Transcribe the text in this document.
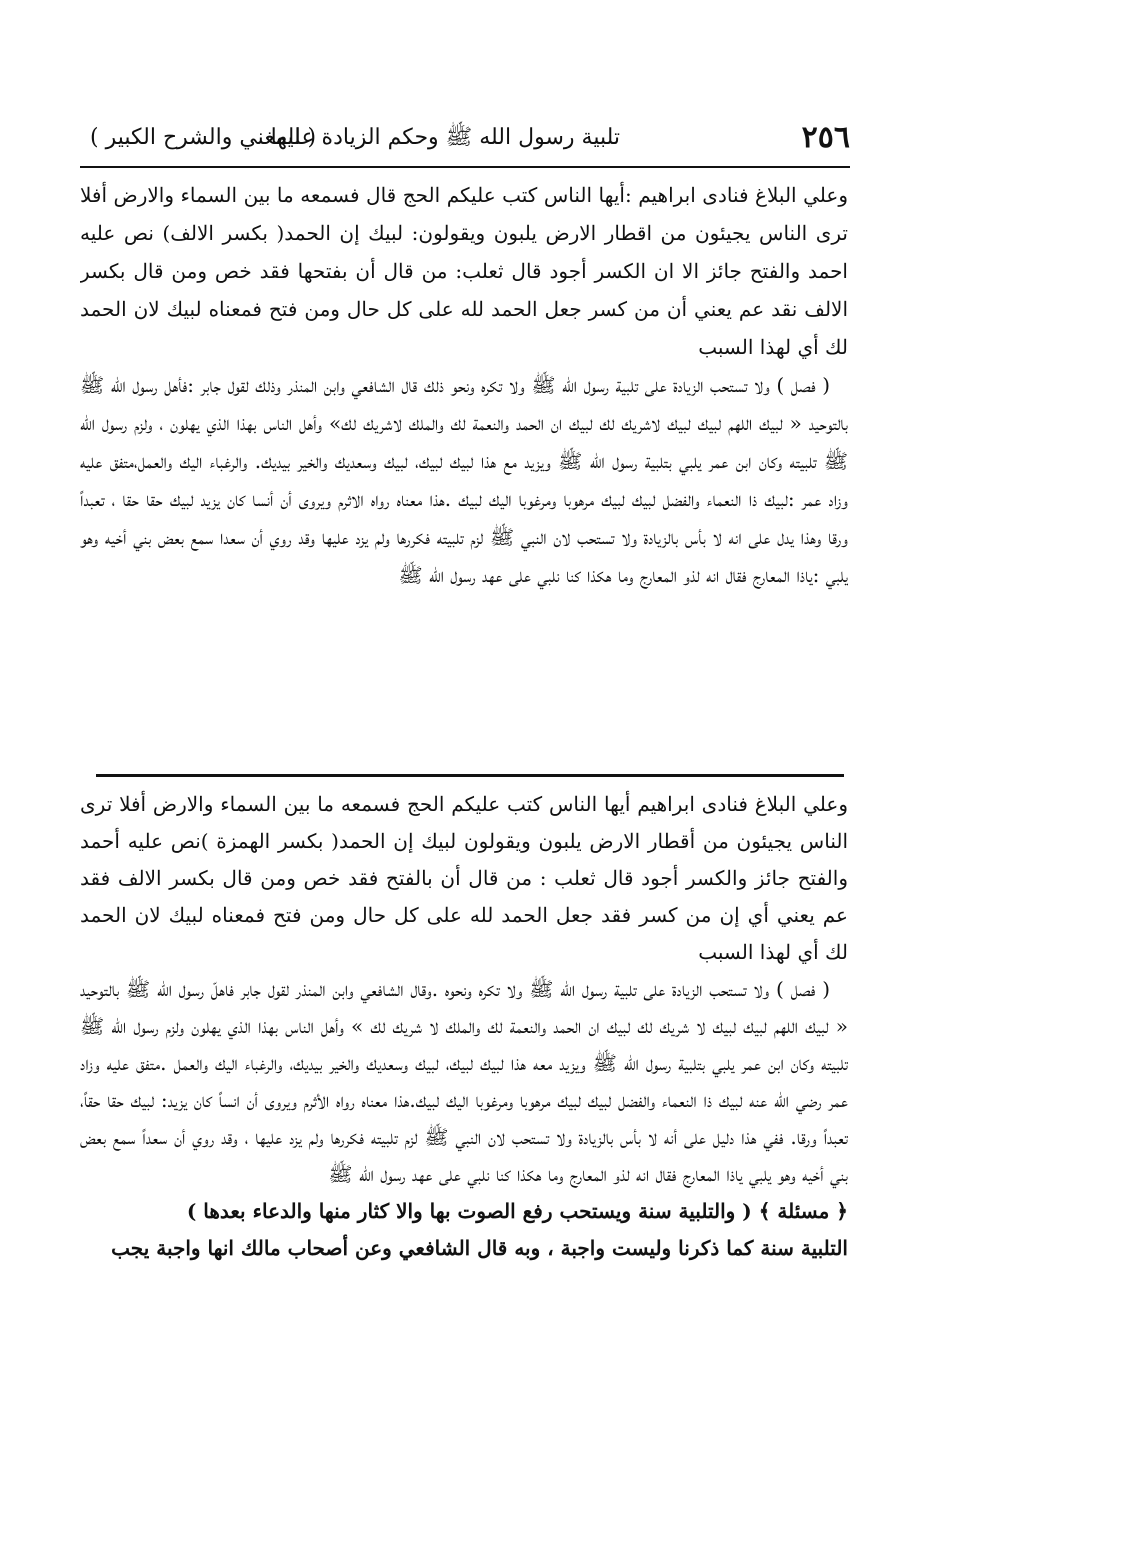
٢٥٦
تلبية رسول الله ﷺ وحكم الزيادة عليها
( المغني والشرح الكبير )

وعلي البلاغ فنادى ابراهيم :أيها الناس كتب عليكم الحج قال فسمعه ما بين السماء والارض أفلا ترى الناس يجيئون من اقطار الارض يلبون ويقولون: لبيك إن الحمد( بكسر الالف) نص عليه احمد والفتح جائز الا ان الكسر أجود قال ثعلب: من قال أن بفتحها فقد خص ومن قال بكسر الالف نقد عم يعني أن من كسر جعل الحمد لله على كل حال ومن فتح فمعناه لبيك لان الحمد لك أي لهذا السبب

( فصل ) ولا تستحب الزيادة على تلبية رسول الله ﷺ ولا تكره ونحو ذلك قال الشافعي وابن المنذر وذلك لقول جابر :فأهل رسول الله ﷺ بالتوحيد « لبيك اللهم لبيك لبيك لاشريك لك لبيك ان الحمد والنعمة لك والملك لاشريك لك» وأهل الناس بهذا الذي يهلون ، ولزم رسول الله ﷺ تلبيته وكان ابن عمر يلبي بتلبية رسول الله ﷺ ويزيد مع هذا لبيك لبيك، لبيك وسعديك والخير بيديك. والرغباء اليك والعمل،متفق عليه وزاد عمر :لبيك ذا النعماء والفضل لبيك لبيك مرهوبا ومرغوبا اليك لبيك .هذا معناه رواه الاثرم ويروى أن أنسا كان يزيد لبيك حقا حقا ، تعبداً ورقا وهذا يدل على انه لا بأس بالزيادة ولا تستحب لان النبي ﷺ لزم تلبيته فكررها ولم يزد عليها وقد روي أن سعدا سمع بعض بني أخيه وهو يلبي :ياذا المعارج فقال انه لذو المعارج وما هكذا كنا نلبي على عهد رسول الله ﷺ

وعلي البلاغ فنادى ابراهيم أيها الناس كتب عليكم الحج فسمعه ما بين السماء والارض أفلا ترى الناس يجيئون من أقطار الارض يلبون ويقولون لبيك إن الحمد( بكسر الهمزة )نص عليه أحمد والفتح جائز والكسر أجود قال ثعلب : من قال أن بالفتح فقد خص ومن قال بكسر الالف فقد عم يعني أي إن من كسر فقد جعل الحمد لله على كل حال ومن فتح فمعناه لبيك لان الحمد لك أي لهذا السبب

( فصل ) ولا تستحب الزيادة على تلبية رسول الله ﷺ ولا تكره ونحوه .وقال الشافعي وابن المنذر لقول جابر فاهلّ رسول الله ﷺ بالتوحيد « لبيك اللهم لبيك لبيك لا شريك لك لبيك ان الحمد والنعمة لك والملك لا شريك لك » وأهل الناس بهذا الذي يهلون ولزم رسول الله ﷺ تلبيته وكان ابن عمر يلبي بتلبية رسول الله ﷺ ويزيد معه هذا لبيك لبيك، لبيك وسعديك والخير بيديك، والرغباء اليك والعمل .متفق عليه وزاد عمر رضي الله عنه لبيك ذا النعماء والفضل لبيك لبيك مرهوبا ومرغوبا اليك لبيك.هذا معناه رواه الأثرم ويروى أن انساً كان يزيد: لبيك حقا حقاً، تعبداً ورقا. ففي هذا دليل على أنه لا بأس بالزيادة ولا تستحب لان النبي ﷺ لزم تلبيته فكررها ولم يزد عليها ، وقد روي أن سعداً سمع بعض بني أخيه وهو يلبي ياذا المعارج فقال انه لذو المعارج وما هكذا كنا نلبي على عهد رسول الله ﷺ

﴿ مسئلة ﴾ ( والتلبية سنة ويستحب رفع الصوت بها والا كثار منها والدعاء بعدها )

التلبية سنة كما ذكرنا وليست واجبة ، وبه قال الشافعي وعن أصحاب مالك انها واجبة يجب
